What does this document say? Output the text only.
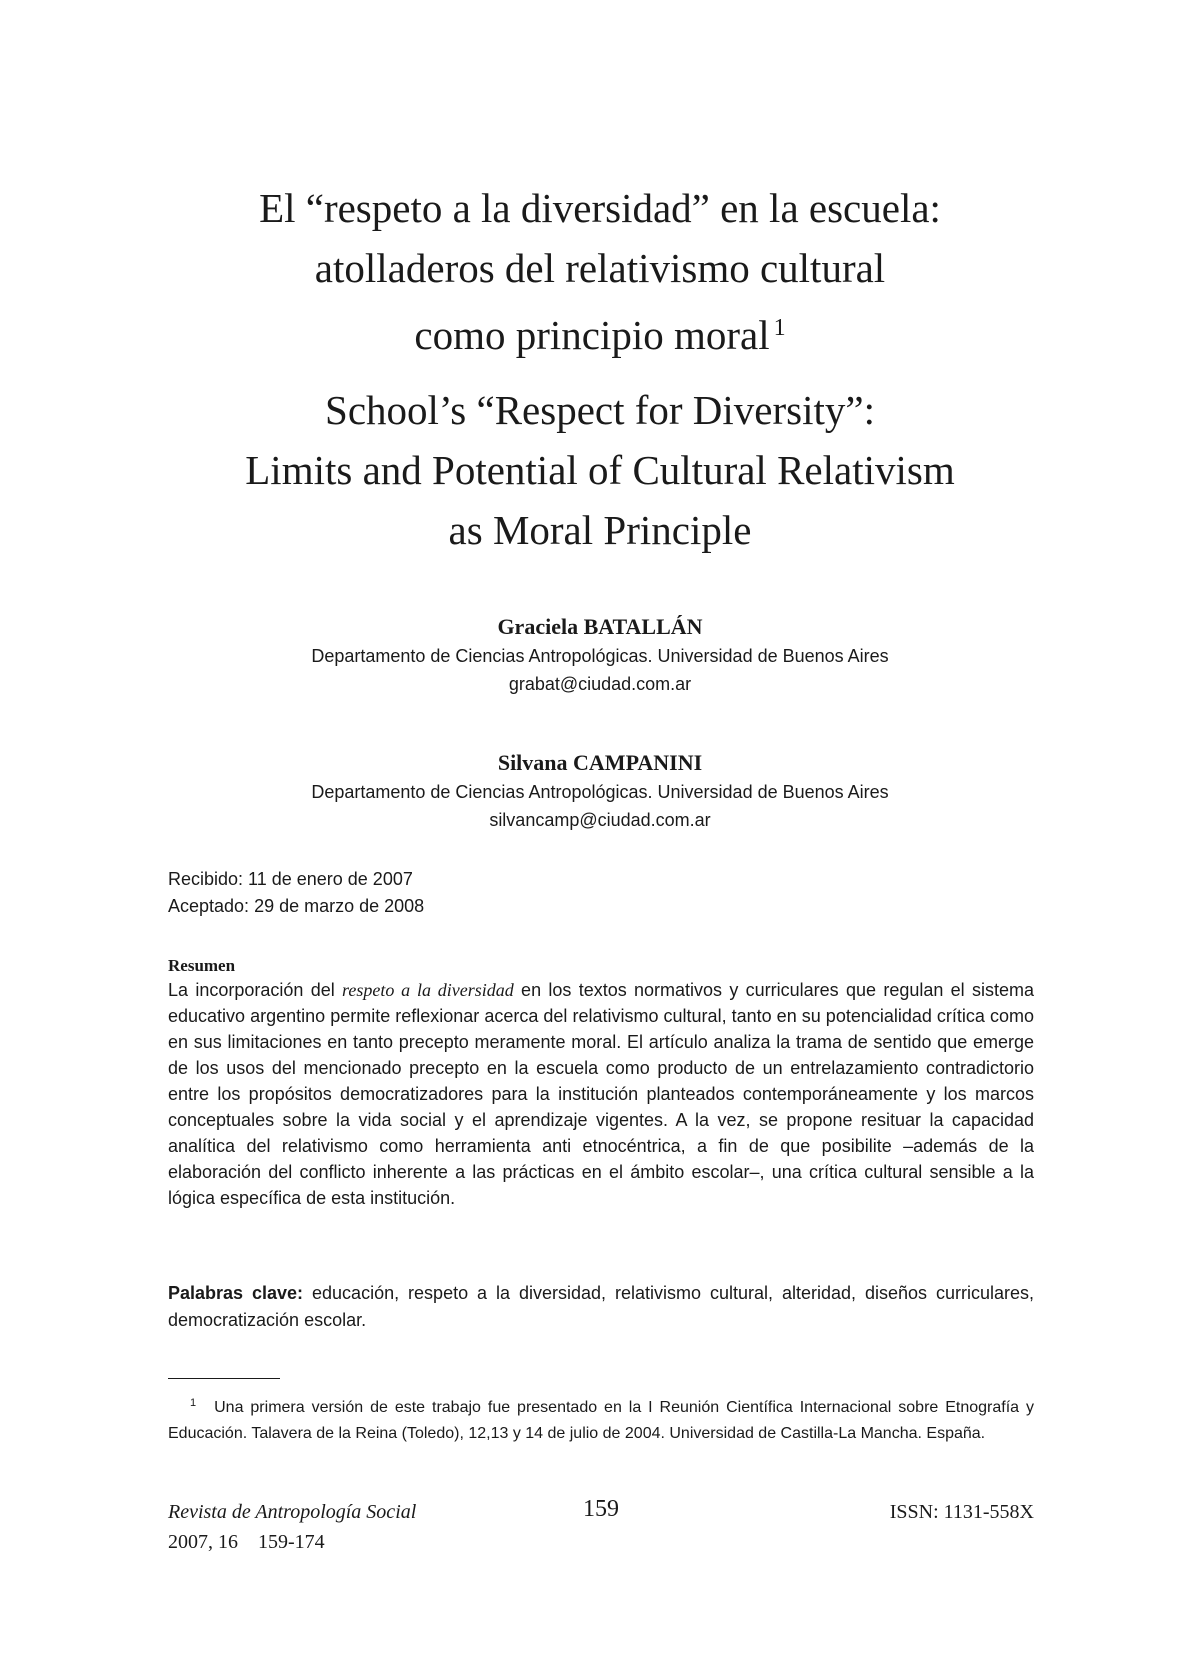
El “respeto a la diversidad” en la escuela:
atolladeros del relativismo cultural
como principio moral $^1$
School’s “Respect for Diversity”:
Limits and Potential of Cultural Relativism
as Moral Principle
Graciela BATALLÁN
Departamento de Ciencias Antropológicas. Universidad de Buenos Aires
grabat@ciudad.com.ar
Silvana CAMPANINI
Departamento de Ciencias Antropológicas. Universidad de Buenos Aires
silvancamp@ciudad.com.ar
Recibido: 11 de enero de 2007
Aceptado: 29 de marzo de 2008
Resumen

La incorporación del respeto a la diversidad en los textos normativos y curriculares que regulan el sistema educativo argentino permite reflexionar acerca del relativismo cultural, tanto en su potencialidad crítica como en sus limitaciones en tanto precepto meramente moral. El artículo analiza la trama de sentido que emerge de los usos del mencionado precepto en la escuela como producto de un entrelazamiento contradictorio entre los propósitos democratizadores para la institución planteados contemporáneamente y los marcos conceptuales sobre la vida social y el aprendizaje vigentes. A la vez, se propone resituar la capacidad analítica del relativismo como herramienta anti etnocéntrica, a fin de que posibilite –además de la elaboración del conflicto inherente a las prácticas en el ámbito escolar–, una crítica cultural sensible a la lógica específica de esta institución.

Palabras clave: educación, respeto a la diversidad, relativismo cultural, alteridad, diseños curriculares, democratización escolar.
$^1$ Una primera versión de este trabajo fue presentado en la I Reunión Científica Internacional sobre Etnografía y Educación. Talavera de la Reina (Toledo), 12,13 y 14 de julio de 2004. Universidad de Castilla-La Mancha. España.
Revista de Antropología Social
2007, 16    159-174
159	ISSN: 1131-558X
